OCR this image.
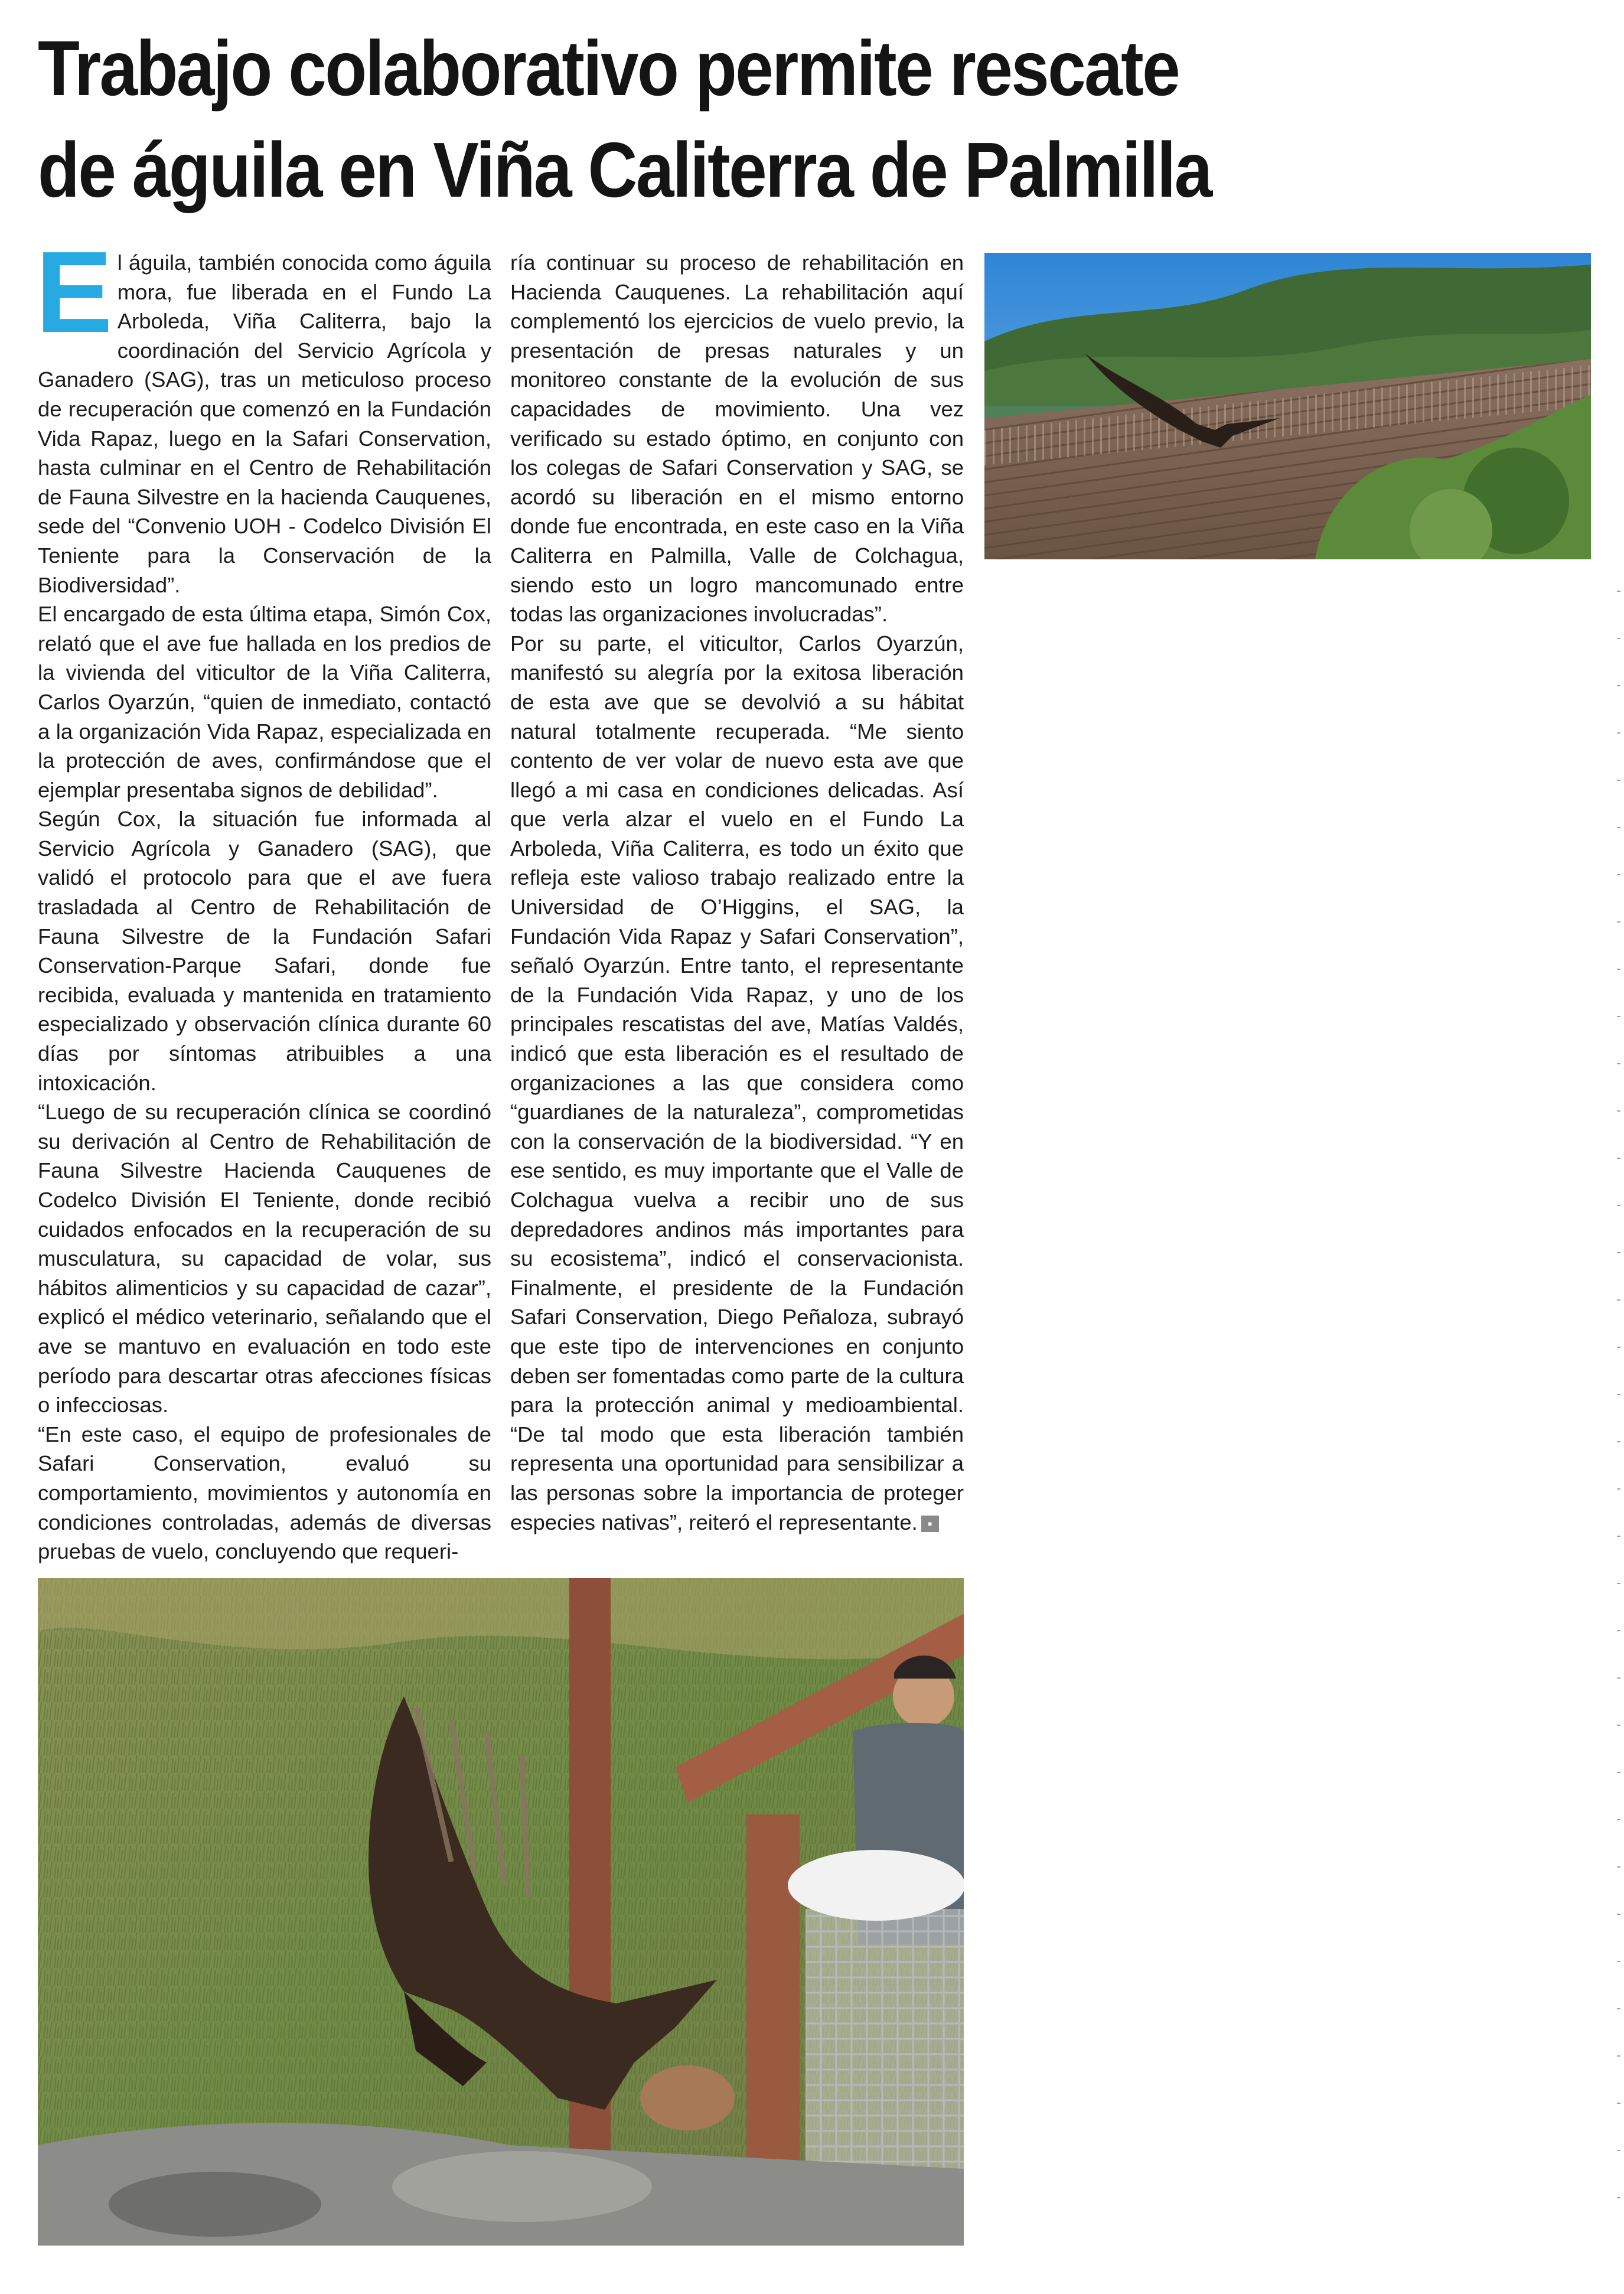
Trabajo colaborativo permite rescate
de águila en Viña Caliterra de Palmilla

El águila, también conocida como águila mora, fue liberada en el Fundo La Arboleda, Viña Caliterra, bajo la coordinación del Servicio Agrícola y Ganadero (SAG), tras un meticuloso proceso de recuperación que comenzó en la Fundación Vida Rapaz, luego en la Safari Conservation, hasta culminar en el Centro de Rehabilitación de Fauna Silvestre en la hacienda Cauquenes, sede del “Convenio UOH - Codelco División El Teniente para la Conservación de la Biodiversidad”.

El encargado de esta última etapa, Simón Cox, relató que el ave fue hallada en los predios de la vivienda del viticultor de la Viña Caliterra, Carlos Oyarzún, “quien de inmediato, contactó a la organización Vida Rapaz, especializada en la protección de aves, confirmándose que el ejemplar presentaba signos de debilidad”.

Según Cox, la situación fue informada al Servicio Agrícola y Ganadero (SAG), que validó el protocolo para que el ave fuera trasladada al Centro de Rehabilitación de Fauna Silvestre de la Fundación Safari Conservation-Parque Safari, donde fue recibida, evaluada y mantenida en tratamiento especializado y observación clínica durante 60 días por síntomas atribuibles a una intoxicación.

“Luego de su recuperación clínica se coordinó su derivación al Centro de Rehabilitación de Fauna Silvestre Hacienda Cauquenes de Codelco División El Teniente, donde recibió cuidados enfocados en la recuperación de su musculatura, su capacidad de volar, sus hábitos alimenticios y su capacidad de cazar”, explicó el médico veterinario, señalando que el ave se mantuvo en evaluación en todo este período para descartar otras afecciones físicas o infecciosas.

“En este caso, el equipo de profesionales de Safari Conservation, evaluó su comportamiento, movimientos y autonomía en condiciones controladas, además de diversas pruebas de vuelo, concluyendo que requeri-

ría continuar su proceso de rehabilitación en Hacienda Cauquenes. La rehabilitación aquí complementó los ejercicios de vuelo previo, la presentación de presas naturales y un monitoreo constante de la evolución de sus capacidades de movimiento. Una vez verificado su estado óptimo, en conjunto con los colegas de Safari Conservation y SAG, se acordó su liberación en el mismo entorno donde fue encontrada, en este caso en la Viña Caliterra en Palmilla, Valle de Colchagua, siendo esto un logro mancomunado entre todas las organizaciones involucradas”.

Por su parte, el viticultor, Carlos Oyarzún, manifestó su alegría por la exitosa liberación de esta ave que se devolvió a su hábitat natural totalmente recuperada. “Me siento contento de ver volar de nuevo esta ave que llegó a mi casa en condiciones delicadas. Así que verla alzar el vuelo en el Fundo La Arboleda, Viña Caliterra, es todo un éxito que refleja este valioso trabajo realizado entre la Universidad de O’Higgins, el SAG, la Fundación Vida Rapaz y Safari Conservation”, señaló Oyarzún. Entre tanto, el representante de la Fundación Vida Rapaz, y uno de los principales rescatistas del ave, Matías Valdés, indicó que esta liberación es el resultado de organizaciones a las que considera como “guardianes de la naturaleza”, comprometidas con la conservación de la biodiversidad. “Y en ese sentido, es muy importante que el Valle de Colchagua vuelva a recibir uno de sus depredadores andinos más importantes para su ecosistema”, indicó el conservacionista. Finalmente, el presidente de la Fundación Safari Conservation, Diego Peñaloza, subrayó que este tipo de intervenciones en conjunto deben ser fomentadas como parte de la cultura para la protección animal y medioambiental. “De tal modo que esta liberación también representa una oportunidad para sensibilizar a las personas sobre la importancia de proteger especies nativas”, reiteró el representante. ▪
